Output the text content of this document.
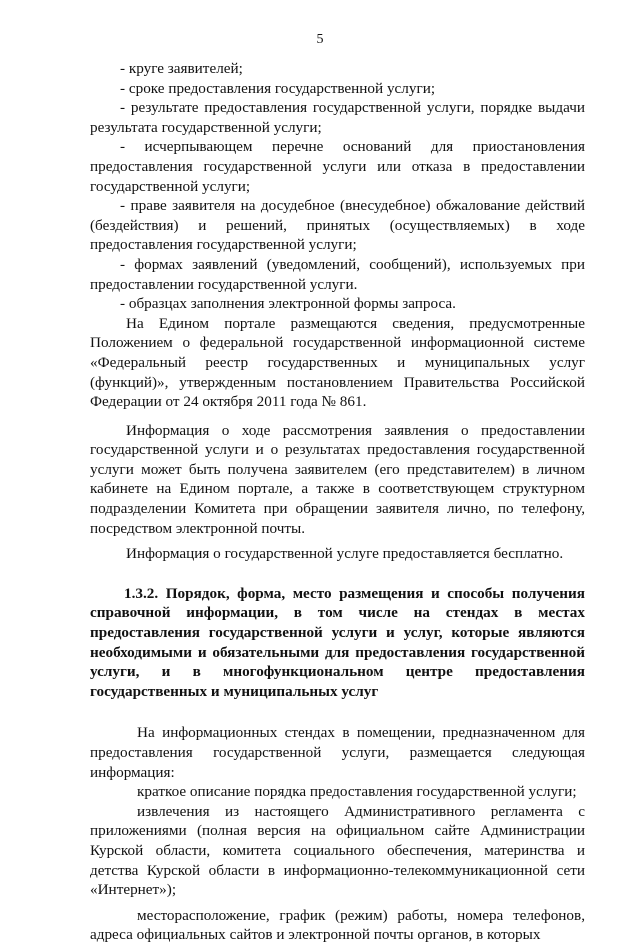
5

- круге заявителей;

- сроке предоставления государственной услуги;

- результате предоставления государственной услуги, порядке выдачи результата государственной услуги;

- исчерпывающем перечне оснований для приостановления предоставления государственной услуги или отказа в предоставлении государственной услуги;

- праве заявителя на досудебное (внесудебное) обжалование действий (бездействия) и решений, принятых (осуществляемых) в ходе предоставления государственной услуги;

- формах заявлений (уведомлений, сообщений), используемых при предоставлении государственной услуги.

- образцах заполнения электронной формы запроса.

На Едином портале размещаются сведения, предусмотренные Положением о федеральной государственной информационной системе «Федеральный реестр государственных и муниципальных услуг (функций)», утвержденным постановлением Правительства Российской Федерации от 24 октября 2011 года № 861.

Информация о ходе рассмотрения заявления о предоставлении государственной услуги и о результатах предоставления государственной услуги может быть получена заявителем (его представителем) в личном кабинете на Едином портале, а также в соответствующем структурном подразделении Комитета при обращении заявителя лично, по телефону, посредством электронной почты.

Информация о государственной услуге предоставляется бесплатно.

1.3.2. Порядок, форма, место размещения и способы получения справочной информации, в том числе на стендах в местах предоставления государственной услуги и услуг, которые являются необходимыми и обязательными для предоставления государственной услуги, и в многофункциональном центре предоставления государственных и муниципальных услуг

На информационных стендах в помещении, предназначенном для предоставления государственной услуги, размещается следующая информация:

краткое описание порядка предоставления государственной услуги;

извлечения из настоящего Административного регламента с приложениями (полная версия на официальном сайте Администрации Курской области, комитета социального обеспечения, материнства и детства Курской области в информационно-телекоммуникационной сети «Интернет»);

месторасположение, график (режим) работы, номера телефонов, адреса официальных сайтов и электронной почты органов, в которых
